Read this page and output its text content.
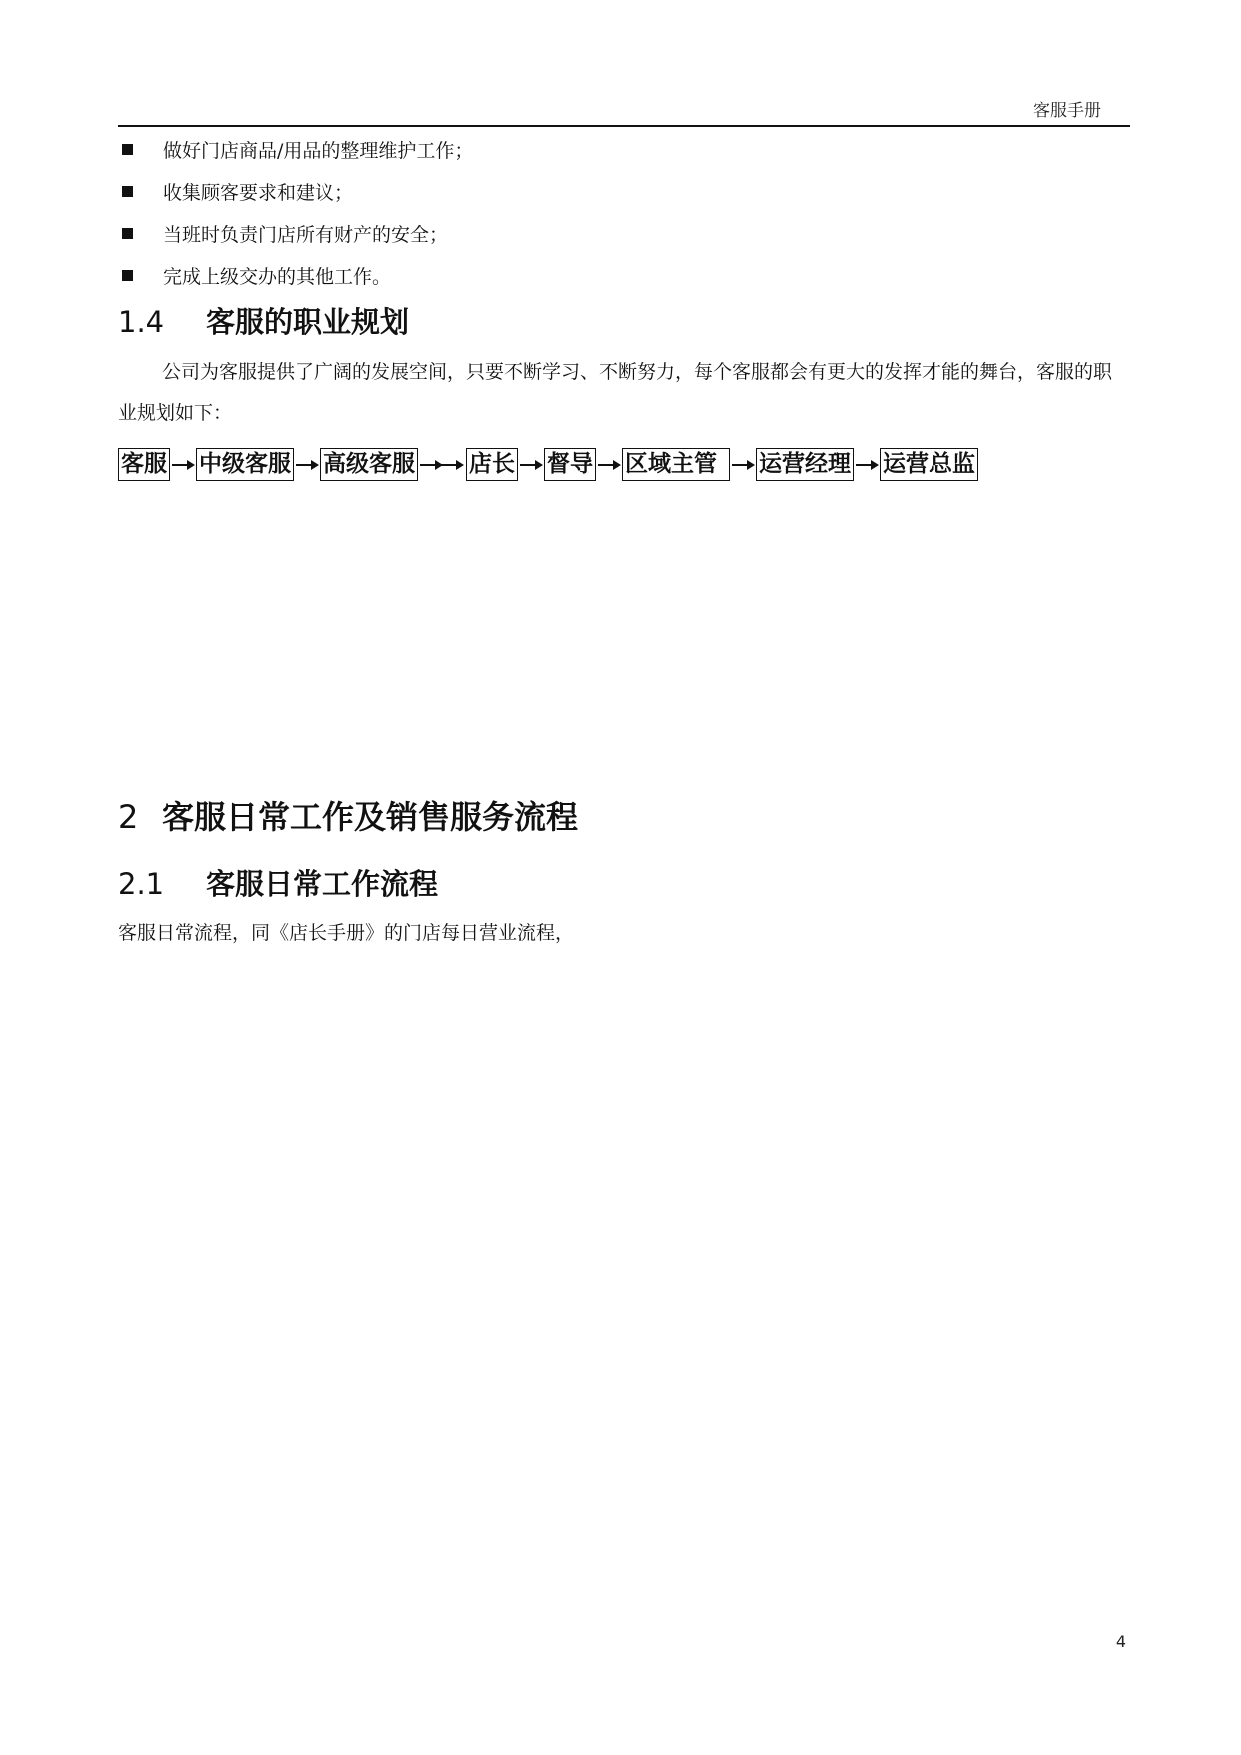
客服手册
做好门店商品/用品的整理维护工作；
收集顾客要求和建议；
当班时负责门店所有财产的安全；
完成上级交办的其他工作。
1.4 客服的职业规划

公司为客服提供了广阔的发展空间，只要不断学习、不断努力，每个客服都会有更大的发挥才能的舞台，客服的职业规划如下：

客服 中级客服 高级客服 店长 督导 区域主管	运营经理 运营总监
2 客服日常工作及销售服务流程
2.1 客服日常工作流程

客服日常流程，同《店长手册》的门店每日营业流程，

4
